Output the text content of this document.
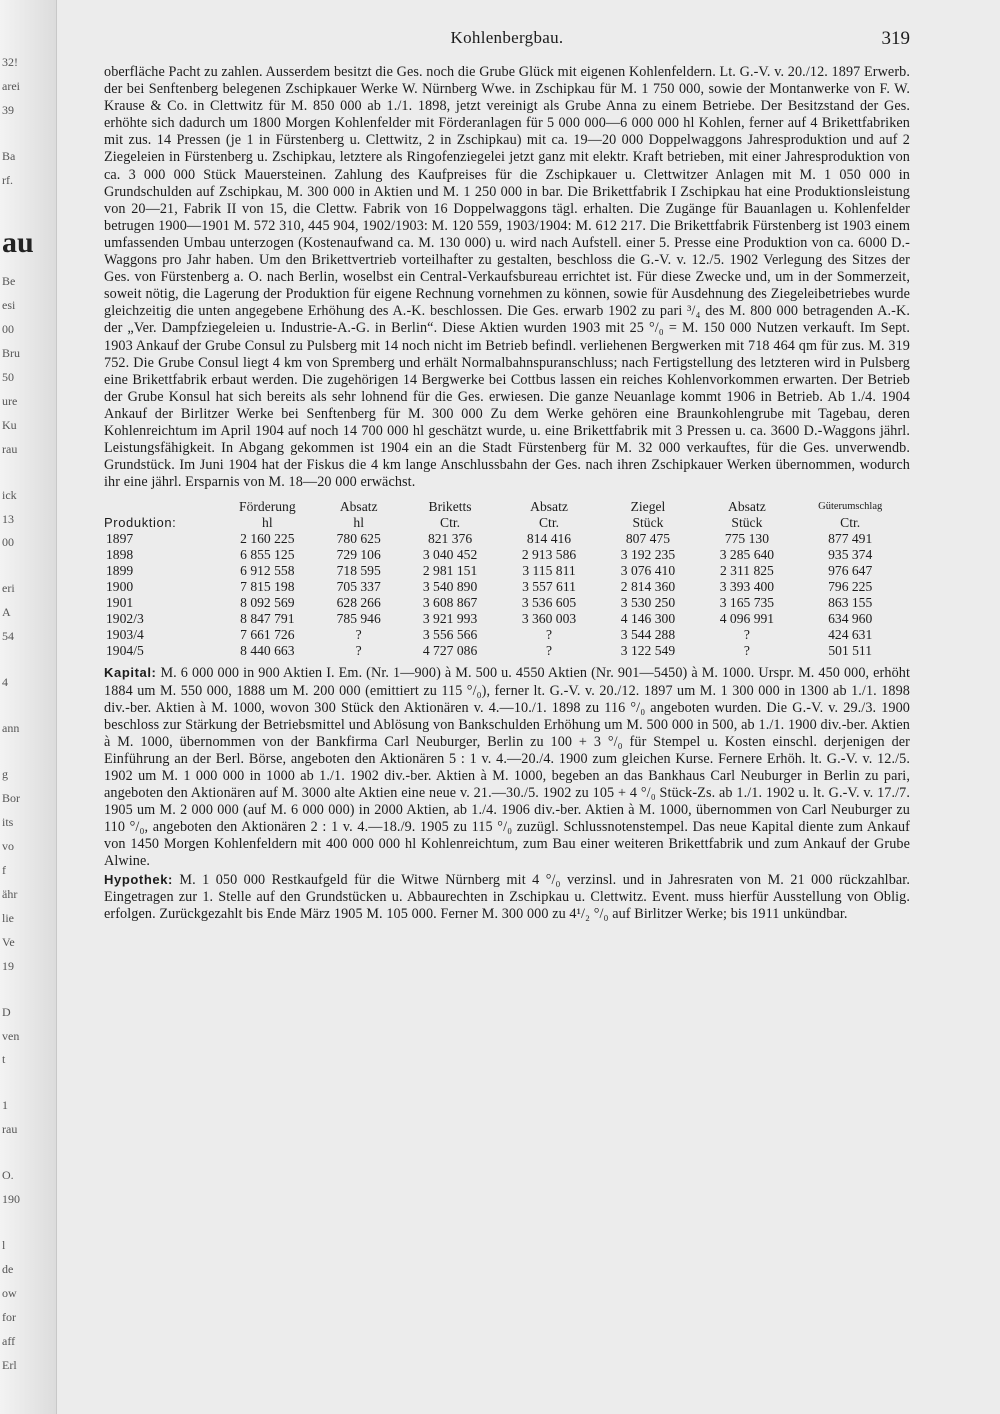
32!
arei
39
Ba
rf.
au
Be
esi
00
Bru
50
ure
Ku
rau
ick
13
00
eri
A
54
4
ann
g
Bor
its
vo
f
ähr
lie
Ve
19
D
ven
t
1
rau
O.
190
l
de
ow
for
aff
Erl
Kohlenbergbau.	319

oberfläche Pacht zu zahlen. Ausserdem besitzt die Ges. noch die Grube Glück mit eigenen Kohlenfeldern. Lt. G.-V. v. 20./12. 1897 Erwerb. der bei Senftenberg belegenen Zschipkauer Werke W. Nürnberg Wwe. in Zschipkau für M. 1 750 000, sowie der Montanwerke von F. W. Krause & Co. in Clettwitz für M. 850 000 ab 1./1. 1898, jetzt vereinigt als Grube Anna zu einem Betriebe. Der Besitzstand der Ges. erhöhte sich dadurch um 1800 Morgen Kohlenfelder mit Förderanlagen für 5 000 000—6 000 000 hl Kohlen, ferner auf 4 Brikettfabriken mit zus. 14 Pressen (je 1 in Fürstenberg u. Clettwitz, 2 in Zschipkau) mit ca. 19—20 000 Doppelwaggons Jahresproduktion und auf 2 Ziegeleien in Fürstenberg u. Zschipkau, letztere als Ringofenziegelei jetzt ganz mit elektr. Kraft betrieben, mit einer Jahresproduktion von ca. 3 000 000 Stück Mauersteinen. Zahlung des Kaufpreises für die Zschipkauer u. Clettwitzer Anlagen mit M. 1 050 000 in Grundschulden auf Zschipkau, M. 300 000 in Aktien und M. 1 250 000 in bar. Die Brikettfabrik I Zschipkau hat eine Produktionsleistung von 20—21, Fabrik II von 15, die Clettw. Fabrik von 16 Doppelwaggons tägl. erhalten. Die Zugänge für Bauanlagen u. Kohlenfelder betrugen 1900—1901 M. 572 310, 445 904, 1902/1903: M. 120 559, 1903/1904: M. 612 217. Die Brikettfabrik Fürstenberg ist 1903 einem umfassenden Umbau unterzogen (Kostenaufwand ca. M. 130 000) u. wird nach Aufstell. einer 5. Presse eine Produktion von ca. 6000 D.-Waggons pro Jahr haben. Um den Brikettvertrieb vorteilhafter zu gestalten, beschloss die G.-V. v. 12./5. 1902 Verlegung des Sitzes der Ges. von Fürstenberg a. O. nach Berlin, woselbst ein Central-Verkaufsbureau errichtet ist. Für diese Zwecke und, um in der Sommerzeit, soweit nötig, die Lagerung der Produktion für eigene Rechnung vornehmen zu können, sowie für Ausdehnung des Ziegeleibetriebes wurde gleichzeitig die unten angegebene Erhöhung des A.-K. beschlossen. Die Ges. erwarb 1902 zu pari ³/₄ des M. 800 000 betragenden A.-K. der „Ver. Dampfziegeleien u. Industrie-A.-G. in Berlin“. Diese Aktien wurden 1903 mit 25 °/₀ = M. 150 000 Nutzen verkauft. Im Sept. 1903 Ankauf der Grube Consul zu Pulsberg mit 14 noch nicht im Betrieb befindl. verliehenen Bergwerken mit 718 464 qm für zus. M. 319 752. Die Grube Consul liegt 4 km von Spremberg und erhält Normalbahnspuranschluss; nach Fertigstellung des letzteren wird in Pulsberg eine Brikettfabrik erbaut werden. Die zugehörigen 14 Bergwerke bei Cottbus lassen ein reiches Kohlenvorkommen erwarten. Der Betrieb der Grube Konsul hat sich bereits als sehr lohnend für die Ges. erwiesen. Die ganze Neuanlage kommt 1906 in Betrieb. Ab 1./4. 1904 Ankauf der Birlitzer Werke bei Senftenberg für M. 300 000 Zu dem Werke gehören eine Braunkohlengrube mit Tagebau, deren Kohlenreichtum im April 1904 auf noch 14 700 000 hl geschätzt wurde, u. eine Brikettfabrik mit 3 Pressen u. ca. 3600 D.-Waggons jährl. Leistungsfähigkeit. In Abgang gekommen ist 1904 ein an die Stadt Fürstenberg für M. 32 000 verkauftes, für die Ges. unverwendb. Grundstück. Im Juni 1904 hat der Fiskus die 4 km lange Anschlussbahn der Ges. nach ihren Zschipkauer Werken übernommen, wodurch ihr eine jährl. Ersparnis von M. 18—20 000 erwächst.

	Förderung	Absatz	Briketts	Absatz	Ziegel	Absatz	Güterumschlag
Produktion:	hl	hl	Ctr.	Ctr.	Stück	Stück	Ctr.
1897	2 160 225	780 625	821 376	814 416	807 475	775 130	877 491
1898	6 855 125	729 106	3 040 452	2 913 586	3 192 235	3 285 640	935 374
1899	6 912 558	718 595	2 981 151	3 115 811	3 076 410	2 311 825	976 647
1900	7 815 198	705 337	3 540 890	3 557 611	2 814 360	3 393 400	796 225
1901	8 092 569	628 266	3 608 867	3 536 605	3 530 250	3 165 735	863 155
1902/3	8 847 791	785 946	3 921 993	3 360 003	4 146 300	4 096 991	634 960
1903/4	7 661 726	?	3 556 566	?	3 544 288	?	424 631
1904/5	8 440 663	?	4 727 086	?	3 122 549	?	501 511

Kapital: M. 6 000 000 in 900 Aktien I. Em. (Nr. 1—900) à M. 500 u. 4550 Aktien (Nr. 901—5450) à M. 1000. Urspr. M. 450 000, erhöht 1884 um M. 550 000, 1888 um M. 200 000 (emittiert zu 115 °/₀), ferner lt. G.-V. v. 20./12. 1897 um M. 1 300 000 in 1300 ab 1./1. 1898 div.-ber. Aktien à M. 1000, wovon 300 Stück den Aktionären v. 4.—10./1. 1898 zu 116 °/₀ angeboten wurden. Die G.-V. v. 29./3. 1900 beschloss zur Stärkung der Betriebsmittel und Ablösung von Bankschulden Erhöhung um M. 500 000 in 500, ab 1./1. 1900 div.-ber. Aktien à M. 1000, übernommen von der Bankfirma Carl Neuburger, Berlin zu 100 + 3 °/₀ für Stempel u. Kosten einschl. derjenigen der Einführung an der Berl. Börse, angeboten den Aktionären 5 : 1 v. 4.—20./4. 1900 zum gleichen Kurse. Fernere Erhöh. lt. G.-V. v. 12./5. 1902 um M. 1 000 000 in 1000 ab 1./1. 1902 div.-ber. Aktien à M. 1000, begeben an das Bankhaus Carl Neuburger in Berlin zu pari, angeboten den Aktionären auf M. 3000 alte Aktien eine neue v. 21.—30./5. 1902 zu 105 + 4 °/₀ Stück-Zs. ab 1./1. 1902 u. lt. G.-V. v. 17./7. 1905 um M. 2 000 000 (auf M. 6 000 000) in 2000 Aktien, ab 1./4. 1906 div.-ber. Aktien à M. 1000, übernommen von Carl Neuburger zu 110 °/₀, angeboten den Aktionären 2 : 1 v. 4.—18./9. 1905 zu 115 °/₀ zuzügl. Schlussnotenstempel. Das neue Kapital diente zum Ankauf von 1450 Morgen Kohlenfeldern mit 400 000 000 hl Kohlenreichtum, zum Bau einer weiteren Brikettfabrik und zum Ankauf der Grube Alwine.

Hypothek: M. 1 050 000 Restkaufgeld für die Witwe Nürnberg mit 4 °/₀ verzinsl. und in Jahresraten von M. 21 000 rückzahlbar. Eingetragen zur 1. Stelle auf den Grundstücken u. Abbaurechten in Zschipkau u. Clettwitz. Event. muss hierfür Ausstellung von Oblig. erfolgen. Zurückgezahlt bis Ende März 1905 M. 105 000. Ferner M. 300 000 zu 4¹/₂ °/₀ auf Birlitzer Werke; bis 1911 unkündbar.
